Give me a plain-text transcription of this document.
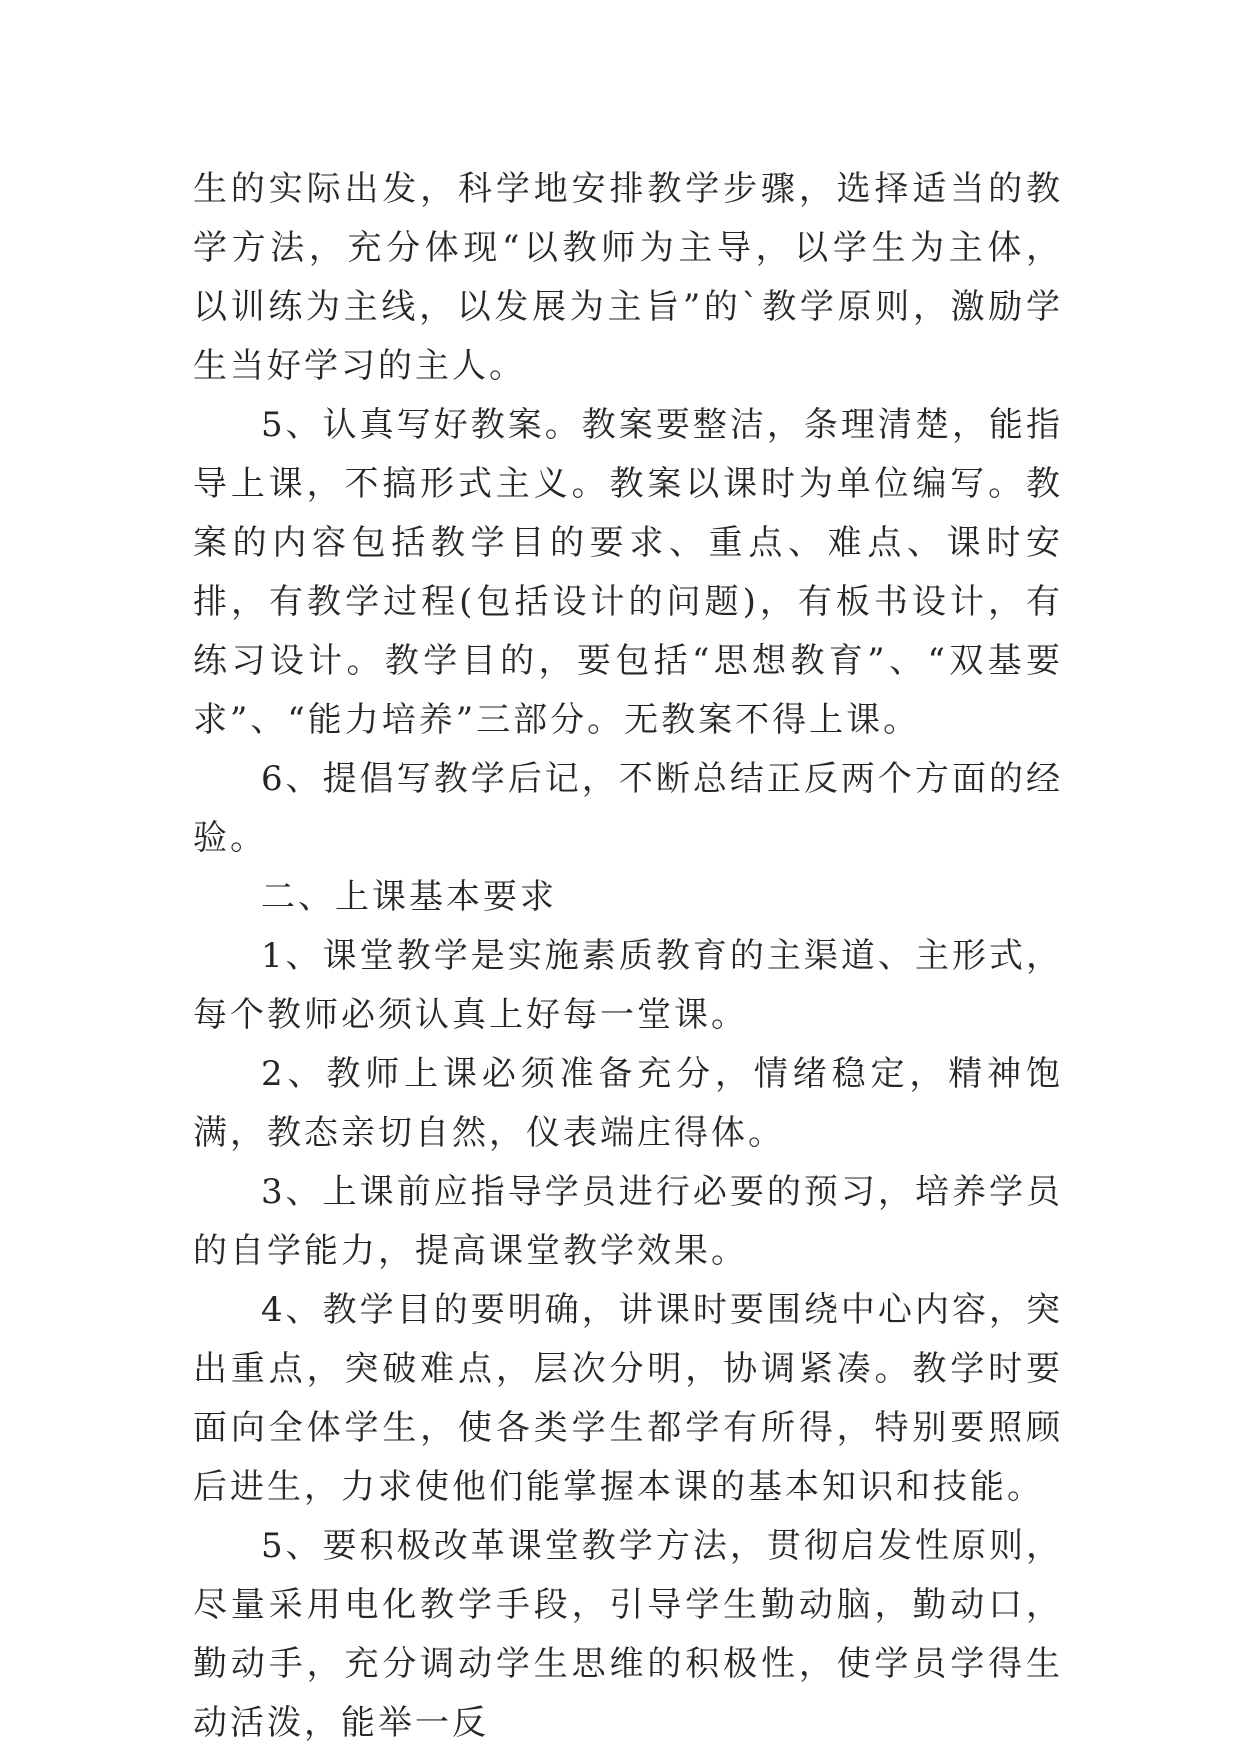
生的实际出发，科学地安排教学步骤，选择适当的教学方法，充分体现“以教师为主导，以学生为主体，以训练为主线，以发展为主旨”的`教学原则，激励学生当好学习的主人。

5、认真写好教案。教案要整洁，条理清楚，能指导上课，不搞形式主义。教案以课时为单位编写。教案的内容包括教学目的要求、重点、难点、课时安排，有教学过程(包括设计的问题)，有板书设计，有练习设计。教学目的，要包括“思想教育”、“双基要求”、“能力培养”三部分。无教案不得上课。

6、提倡写教学后记，不断总结正反两个方面的经验。

二、上课基本要求

1、课堂教学是实施素质教育的主渠道、主形式，每个教师必须认真上好每一堂课。

2、教师上课必须准备充分，情绪稳定，精神饱满，教态亲切自然，仪表端庄得体。

3、上课前应指导学员进行必要的预习，培养学员的自学能力，提高课堂教学效果。

4、教学目的要明确，讲课时要围绕中心内容，突出重点，突破难点，层次分明，协调紧凑。教学时要面向全体学生，使各类学生都学有所得，特别要照顾后进生，力求使他们能掌握本课的基本知识和技能。

5、要积极改革课堂教学方法，贯彻启发性原则，尽量采用电化教学手段，引导学生勤动脑，勤动口，勤动手，充分调动学生思维的积极性，使学员学得生动活泼，能举一反
